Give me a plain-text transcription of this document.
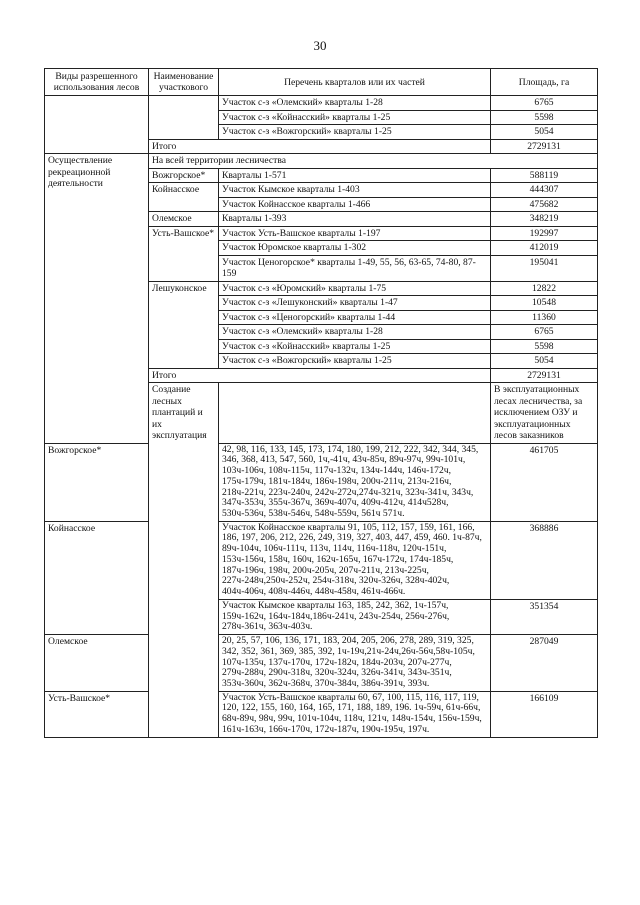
30
Виды разрешенного использования лесов	Наименование участкового	Перечень кварталов или их частей	Площадь, га
		Участок с-з «Олемский» кварталы 1-28	6765
		Участок с-з «Койнасский» кварталы 1-25	5598
		Участок с-з «Вожгорский» кварталы 1-25	5054
	Итого		2729131
Осуществление рекреационной деятельности	На всей территории лесничества		
	Вожгорское*	Кварталы 1-571	588119
	Койнасское	Участок Кымское кварталы 1-403	444307
		Участок Койнасское кварталы 1-466	475682
	Олемское	Кварталы 1-393	348219
	Усть-Вашское*	Участок Усть-Вашское кварталы 1-197	192997
		Участок Юромское кварталы 1-302	412019
		Участок Ценогорское* кварталы 1-49, 55, 56, 63-65, 74-80, 87-159	195041
	Лешуконское	Участок с-з «Юромский» кварталы 1-75	12822
		Участок с-з «Лешуконский» кварталы 1-47	10548
		Участок с-з «Ценогорский» кварталы 1-44	11360
		Участок с-з «Олемский» кварталы 1-28	6765
		Участок с-з «Койнасский» кварталы 1-25	5598
		Участок с-з «Вожгорский» кварталы 1-25	5054
	Итого		2729131
	Создание лесных плантаций и их эксплуатация		В эксплуатационных лесах лесничества, за исключением ОЗУ и эксплуатационных лесов заказников
Вожгорское*		42, 98, 116, 133, 145, 173, 174, 180, 199, 212, 222, 342, 344, 345, 346, 368, 413, 547, 560, 1ч,-41ч, 43ч-85ч, 89ч-97ч, 99ч-101ч, 103ч-106ч, 108ч-115ч, 117ч-132ч, 134ч-144ч, 146ч-172ч, 175ч-179ч, 181ч-184ч, 186ч-198ч, 200ч-211ч, 213ч-216ч, 218ч-221ч, 223ч-240ч, 242ч-272ч,274ч-321ч, 323ч-341ч, 343ч, 347ч-353ч, 355ч-367ч, 369ч-407ч, 409ч-412ч, 414ч528ч, 530ч-536ч, 538ч-546ч, 548ч-559ч, 561ч 571ч.	461705
Койнасское		Участок Койнасское кварталы 91, 105, 112, 157, 159, 161, 166, 186, 197, 206, 212, 226, 249, 319, 327, 403, 447, 459, 460. 1ч-87ч, 89ч-104ч, 106ч-111ч, 113ч, 114ч, 116ч-118ч, 120ч-151ч, 153ч-156ч, 158ч, 160ч, 162ч-165ч, 167ч-172ч, 174ч-185ч, 187ч-196ч, 198ч, 200ч-205ч, 207ч-211ч, 213ч-225ч, 227ч-248ч,250ч-252ч, 254ч-318ч, 320ч-326ч, 328ч-402ч, 404ч-406ч, 408ч-446ч, 448ч-458ч, 461ч-466ч.	368886
		Участок Кымское кварталы 163, 185, 242, 362, 1ч-157ч, 159ч-162ч, 164ч-184ч,186ч-241ч, 243ч-254ч, 256ч-276ч, 278ч-361ч, 363ч-403ч.	351354
Олемское		20, 25, 57, 106, 136, 171, 183, 204, 205, 206, 278, 289, 319, 325, 342, 352, 361, 369, 385, 392, 1ч-19ч,21ч-24ч,26ч-56ч,58ч-105ч, 107ч-135ч, 137ч-170ч, 172ч-182ч, 184ч-203ч, 207ч-277ч, 279ч-288ч, 290ч-318ч, 320ч-324ч, 326ч-341ч, 343ч-351ч, 353ч-360ч, 362ч-368ч, 370ч-384ч, 386ч-391ч, 393ч.	287049
Усть-Вашское*		Участок Усть-Вашское кварталы 60, 67, 100, 115, 116, 117, 119, 120, 122, 155, 160, 164, 165, 171, 188, 189, 196. 1ч-59ч, 61ч-66ч, 68ч-89ч, 98ч, 99ч, 101ч-104ч, 118ч, 121ч, 148ч-154ч, 156ч-159ч, 161ч-163ч, 166ч-170ч, 172ч-187ч, 190ч-195ч, 197ч.	166109
